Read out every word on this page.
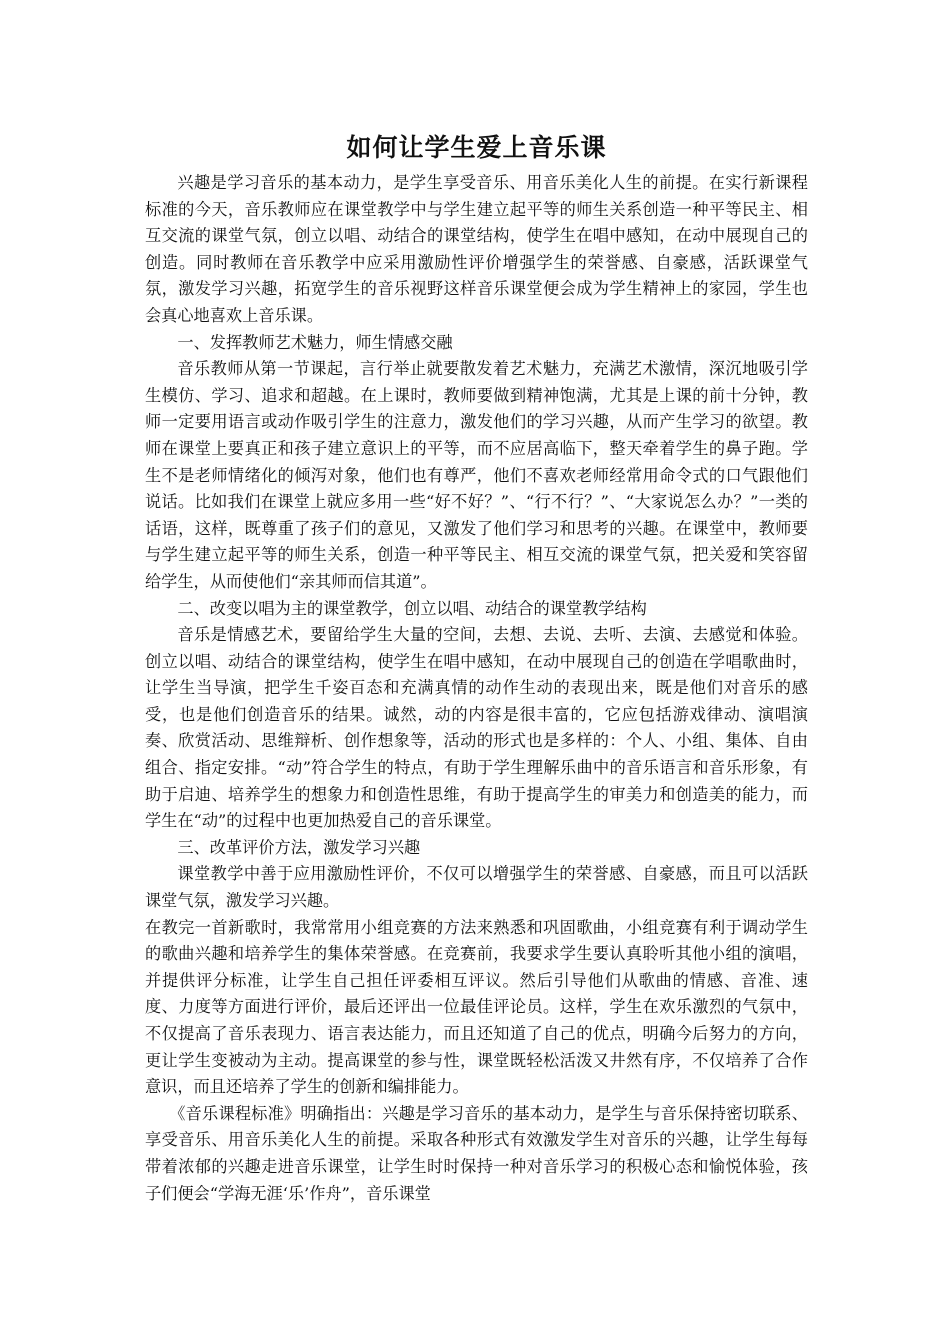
如何让学生爱上音乐课

兴趣是学习音乐的基本动力，是学生享受音乐、用音乐美化人生的前提。在实行新课程标准的今天，音乐教师应在课堂教学中与学生建立起平等的师生关系创造一种平等民主、相互交流的课堂气氛，创立以唱、动结合的课堂结构，使学生在唱中感知，在动中展现自己的创造。同时教师在音乐教学中应采用激励性评价增强学生的荣誉感、自豪感，活跃课堂气氛，激发学习兴趣，拓宽学生的音乐视野这样音乐课堂便会成为学生精神上的家园，学生也会真心地喜欢上音乐课。

一、发挥教师艺术魅力，师生情感交融

音乐教师从第一节课起，言行举止就要散发着艺术魅力，充满艺术激情，深沉地吸引学生模仿、学习、追求和超越。在上课时，教师要做到精神饱满，尤其是上课的前十分钟，教师一定要用语言或动作吸引学生的注意力，激发他们的学习兴趣，从而产生学习的欲望。教师在课堂上要真正和孩子建立意识上的平等，而不应居高临下，整天牵着学生的鼻子跑。学生不是老师情绪化的倾泻对象，他们也有尊严，他们不喜欢老师经常用命令式的口气跟他们说话。比如我们在课堂上就应多用一些“好不好？”、“行不行？”、“大家说怎么办？”一类的话语，这样，既尊重了孩子们的意见，又激发了他们学习和思考的兴趣。在课堂中，教师要与学生建立起平等的师生关系，创造一种平等民主、相互交流的课堂气氛，把关爱和笑容留给学生，从而使他们“亲其师而信其道”。

二、改变以唱为主的课堂教学，创立以唱、动结合的课堂教学结构

音乐是情感艺术，要留给学生大量的空间，去想、去说、去听、去演、去感觉和体验。创立以唱、动结合的课堂结构，使学生在唱中感知，在动中展现自己的创造在学唱歌曲时，让学生当导演，把学生千姿百态和充满真情的动作生动的表现出来，既是他们对音乐的感受，也是他们创造音乐的结果。诚然，动的内容是很丰富的，它应包括游戏律动、演唱演奏、欣赏活动、思维辩析、创作想象等，活动的形式也是多样的：个人、小组、集体、自由组合、指定安排。“动”符合学生的特点，有助于学生理解乐曲中的音乐语言和音乐形象，有助于启迪、培养学生的想象力和创造性思维，有助于提高学生的审美力和创造美的能力，而学生在“动”的过程中也更加热爱自己的音乐课堂。

三、改革评价方法，激发学习兴趣

课堂教学中善于应用激励性评价，不仅可以增强学生的荣誉感、自豪感，而且可以活跃课堂气氛，激发学习兴趣。

在教完一首新歌时，我常常用小组竞赛的方法来熟悉和巩固歌曲，小组竞赛有利于调动学生的歌曲兴趣和培养学生的集体荣誉感。在竞赛前，我要求学生要认真聆听其他小组的演唱，并提供评分标准，让学生自己担任评委相互评议。然后引导他们从歌曲的情感、音准、速度、力度等方面进行评价，最后还评出一位最佳评论员。这样，学生在欢乐激烈的气氛中，不仅提高了音乐表现力、语言表达能力，而且还知道了自己的优点，明确今后努力的方向，更让学生变被动为主动。提高课堂的参与性，课堂既轻松活泼又井然有序，不仅培养了合作意识，而且还培养了学生的创新和编排能力。

《音乐课程标准》明确指出：兴趣是学习音乐的基本动力，是学生与音乐保持密切联系、享受音乐、用音乐美化人生的前提。采取各种形式有效激发学生对音乐的兴趣，让学生每每带着浓郁的兴趣走进音乐课堂，让学生时时保持一种对音乐学习的积极心态和愉悦体验，孩子们便会“学海无涯‘乐’作舟”，音乐课堂
